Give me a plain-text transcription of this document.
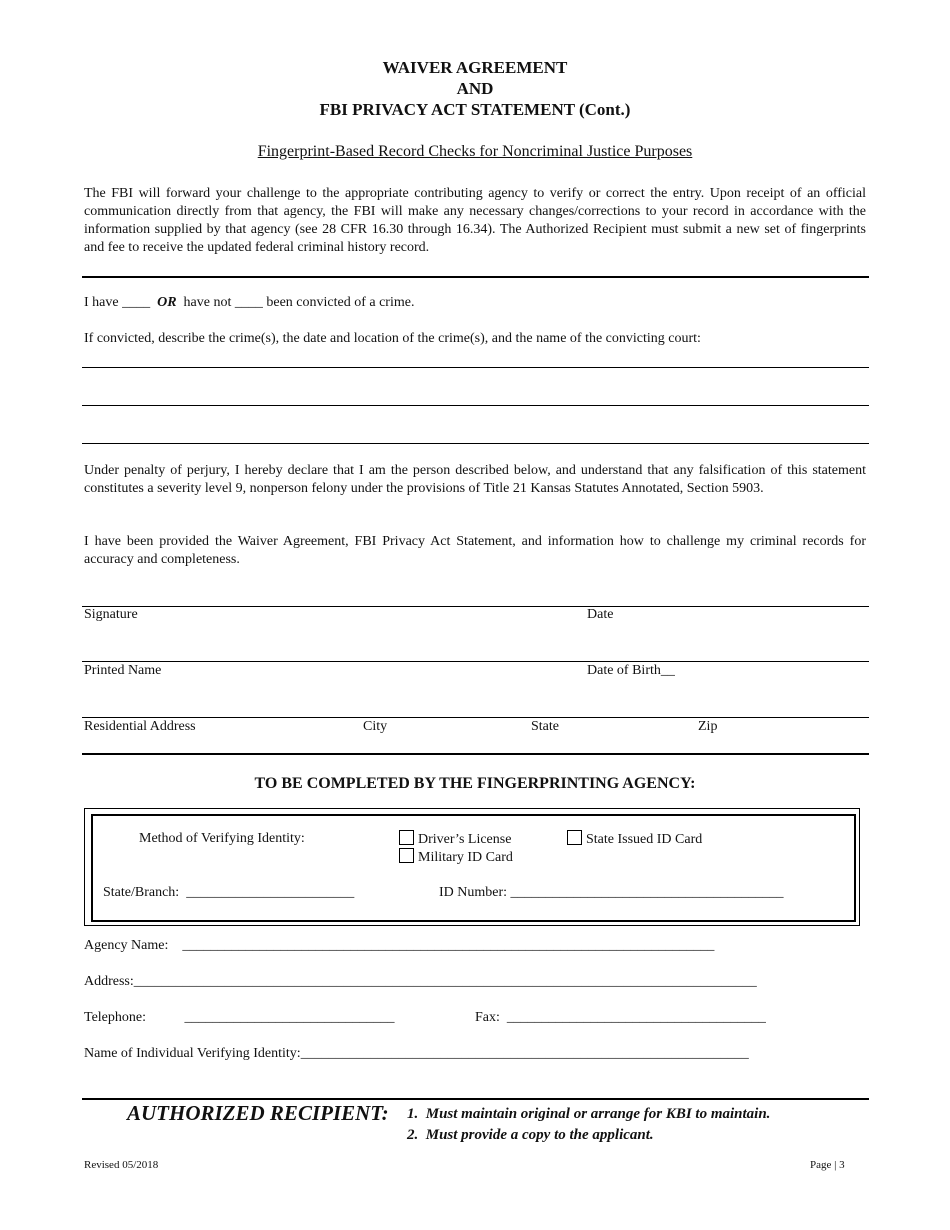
WAIVER AGREEMENT
AND
FBI PRIVACY ACT STATEMENT (Cont.)
Fingerprint-Based Record Checks for Noncriminal Justice Purposes
The FBI will forward your challenge to the appropriate contributing agency to verify or correct the entry. Upon receipt of an official communication directly from that agency, the FBI will make any necessary changes/corrections to your record in accordance with the information supplied by that agency (see 28 CFR 16.30 through 16.34). The Authorized Recipient must submit a new set of fingerprints and fee to receive the updated federal criminal history record.
I have ____ OR have not ____ been convicted of a crime.
If convicted, describe the crime(s), the date and location of the crime(s), and the name of the convicting court:
Under penalty of perjury, I hereby declare that I am the person described below, and understand that any falsification of this statement constitutes a severity level 9, nonperson felony under the provisions of Title 21 Kansas Statutes Annotated, Section 5903.
I have been provided the Waiver Agreement, FBI Privacy Act Statement, and information how to challenge my criminal records for accuracy and completeness.
Signature	Date
Printed Name	Date of Birth__
Residential Address	City	State	Zip
TO BE COMPLETED BY THE FINGERPRINTING AGENCY:
Method of Verifying Identity:	Driver’s License	State Issued ID Card
Military ID Card
State/Branch:  ________________________	ID Number: _______________________________________
Agency Name:    ____________________________________________________________________________
Address:_________________________________________________________________________________________
Telephone:           ______________________________	Fax:  _____________________________________
Name of Individual Verifying Identity:________________________________________________________________
AUTHORIZED RECIPIENT: 1.  Must maintain original or arrange for KBI to maintain.
2.  Must provide a copy to the applicant.
Revised 05/2018	Page | 3
